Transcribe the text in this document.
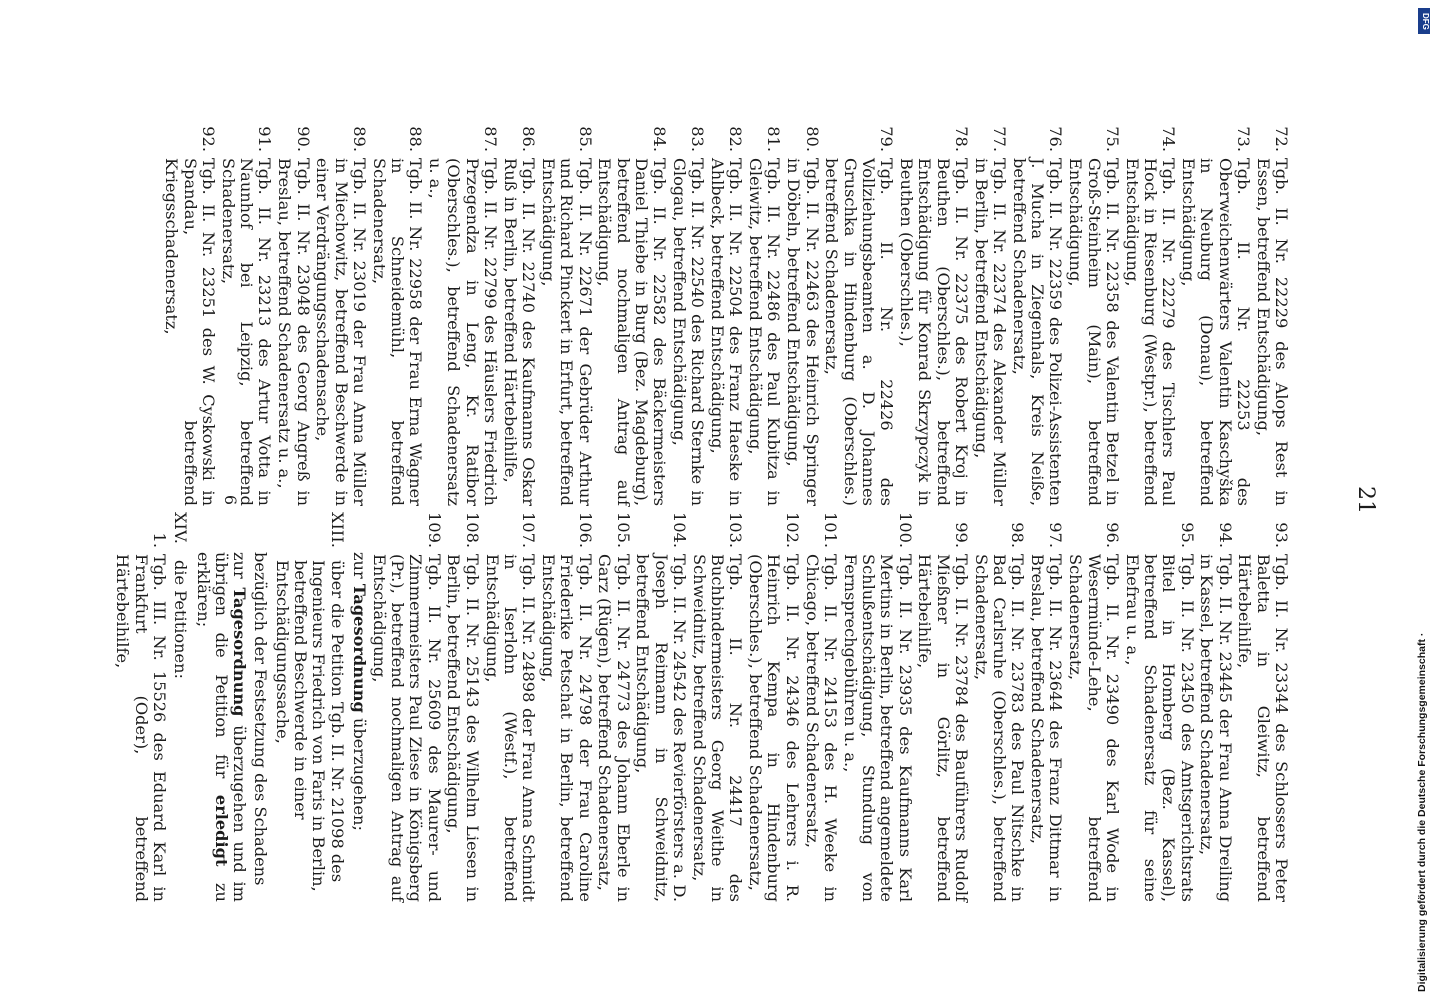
21
72.
Tgb. II. Nr. 22229 des Alops Rest in Essen, betreffend Entschädigung,
73.
Tgb. II. Nr. 22253 des Oberweichenwärters Valentin Kaschyška in Neuburg (Donau), betreffend Entschädigung,
74.
Tgb. II. Nr. 22279 des Tischlers Paul Hock in Riesenburg (Westpr.), betreffend Entschädigung,
75.
Tgb. II. Nr. 22358 des Valentin Betzel in Groß-Steinheim (Main), betreffend Entschädigung,
76.
Tgb. II. Nr. 22359 des Polizei-Assistenten J. Mucha in Ziegenhals, Kreis Neiße, betreffend Schadenersatz,
77.
Tgb. II. Nr. 22374 des Alexander Müller in Berlin, betreffend Entschädigung,
78.
Tgb. II. Nr. 22375 des Robert Kroj in Beuthen (Oberschles.), betreffend Entschädigung für Konrad Skrzypczyk in Beuthen (Oberschles.),
79.
Tgb. II. Nr. 22426 des Vollziehungsbeamten a. D. Johannes Gruschka in Hindenburg (Oberschles.) betreffend Schadenersatz,
80.
Tgb. II. Nr. 22463 des Heinrich Springer in Döbeln, betreffend Entschädigung,
81.
Tgb. II. Nr. 22486 des Paul Kubitza in Gleiwitz, betreffend Entschädigung,
82.
Tgb. II. Nr. 22504 des Franz Haeske in Ahlbeck, betreffend Entschädigung,
83.
Tgb. II. Nr. 22540 des Richard Sternke in Glogau, betreffend Entschädigung,
84.
Tgb. II. Nr. 22582 des Bäckermeisters Daniel Thiebe in Burg (Bez. Magdeburg), betreffend nochmaligen Antrag auf Entschädigung,
85.
Tgb. II. Nr. 22671 der Gebrüder Arthur und Richard Pinckert in Erfurt, betreffend Entschädigung,
86.
Tgb. II. Nr. 22740 des Kaufmanns Oskar Ruß in Berlin, betreffend Härtebeihilfe,
87.
Tgb. II. Nr. 22799 des Häuslers Friedrich Przegendza in Leng, Kr. Ratibor (Oberschles.), betreffend Schadenersatz u. a.,
88.
Tgb. II. Nr. 22958 der Frau Erna Wagner in Schneidemühl, betreffend Schadenersatz,
89.
Tgb. II. Nr. 23019 der Frau Anna Müller in Miechowitz, betreffend Beschwerde in einer Verdrängungsschadensache,
90.
Tgb. II. Nr. 23048 des Georg Angreß in Breslau, betreffend Schadenersatz u. a.,
91.
Tgb. II. Nr. 23213 des Artur Votta in Naunhof bei Leipzig, betreffend Schadenersatz,
92.
Tgb. II. Nr. 23251 des W. Cyskowski in Spandau, betreffend Kriegsschadenersatz,
93.
Tgb. II. Nr. 23344 des Schlossers Peter Baletta in Gleiwitz, betreffend Härtebeihilfe,
94.
Tgb. II. Nr. 23445 der Frau Anna Dreiling in Kassel, betreffend Schadenersatz,
95.
Tgb. II. Nr. 23450 des Amtsgerichtsrats Bitel in Homberg (Bez. Kassel), betreffend Schadenersatz für seine Ehefrau u. a.,
96.
Tgb. II. Nr. 23490 des Karl Wode in Wesermünde-Lehe, betreffend Schadenersatz,
97.
Tgb. II. Nr. 23644 des Franz Dittmar in Breslau, betreffend Schadenersatz,
98.
Tgb. II. Nr. 23783 des Paul Nitschke in Bad Carlsruhe (Oberschles.), betreffend Schadenersatz,
99.
Tgb. II. Nr. 23784 des Bauführers Rudolf Mießner in Görlitz, betreffend Härtebeihilfe,
100.
Tgb. II. Nr. 23935 des Kaufmanns Karl Mertins in Berlin, betreffend angemeldete Schlußentschädigung, Stundung von Fernsprechgebühren u. a.,
101.
Tgb. II. Nr. 24153 des H. Weeke in Chicago, betreffend Schadenersatz,
102.
Tgb. II. Nr. 24346 des Lehrers i. R. Heinrich Kempa in Hindenburg (Oberschles.), betreffend Schadenersatz,
103.
Tgb. II. Nr. 24417 des Buchbindermeisters Georg Weithe in Schweidnitz, betreffend Schadenersatz,
104.
Tgb. II. Nr. 24542 des Revierförsters a. D. Joseph Reimann in Schweidnitz, betreffend Entschädigung,
105.
Tgb. II. Nr. 24773 des Johann Eberle in Garz (Rügen), betreffend Schadenersatz,
106.
Tgb. II. Nr. 24798 der Frau Caroline Friederike Petschat in Berlin, betreffend Entschädigung,
107.
Tgb. II. Nr. 24898 der Frau Anna Schmidt in Iserlohn (Westf.), betreffend Entschädigung,
108.
Tgb. II. Nr. 25143 des Wilhelm Liesen in Berlin, betreffend Entschädigung,
109.
Tgb. II. Nr. 25609 des Maurer- und Zimmermeisters Paul Ziese in Königsberg (Pr.), betreffend nochmaligen Antrag auf Entschädigung,
zur Tagesordnung überzugehen;
XIII.
über die Petition Tgb. II. Nr. 21098 des Ingenieurs Friedrich von Faris in Berlin, betreffend Beschwerde in einer Entschädigungssache,
bezüglich der Festsetzung des Schadens
zur Tagesordnung überzugehen und im übrigen die Petition für erledigt zu erklären;
XIV.
die Petitionen:
1.
Tgb. III. Nr. 15526 des Eduard Karl in Frankfurt (Oder), betreffend Härtebeihilfe,
6
Digitalisierung gefördert durch die Deutsche Forschungsgemeinschaft ·
DFG
